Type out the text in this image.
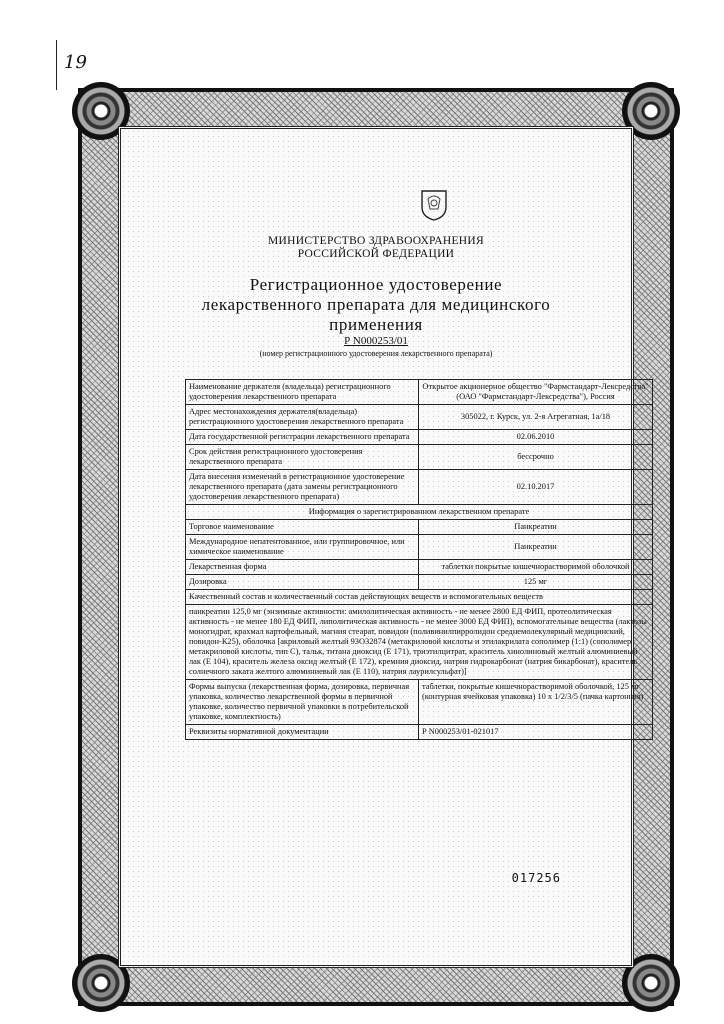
19
МИНИСТЕРСТВО ЗДРАВООХРАНЕНИЯ
РОССИЙСКОЙ ФЕДЕРАЦИИ
Регистрационное удостоверение
лекарственного препарата для медицинского применения
Р N000253/01
(номер регистрационного удостоверения лекарственного препарата)
Наименование держателя (владельца) регистрационного удостоверения лекарственного препарата	Открытое акционерное общество "Фармстандарт-Лексредства" (ОАО "Фармстандарт-Лексредства"), Россия
Адрес местонахождения держателя(владельца) регистрационного удостоверения лекарственного препарата	305022, г. Курск, ул. 2-я Агрегатная, 1а/18
Дата государственной регистрации лекарственного препарата	02.06.2010
Срок действия регистрационного удостоверения лекарственного препарата	бессрочно
Дата внесения изменений в регистрационное удостоверение лекарственного препарата (дата замены регистрационного удостоверения лекарственного препарата)	02.10.2017
Информация о зарегистрированном лекарственном препарате	
Торговое наименование	Панкреатин
Международное непатентованное, или группировочное, или химическое наименование	Панкреатин
Лекарственная форма	таблетки покрытые кишечнорастворимой оболочкой
Дозировка	125 мг
Качественный состав и количественный состав действующих веществ и вспомогательных веществ	
панкреатин 125,0 мг (энзимные активности: амилолитическая активность - не менее 2800 ЕД ФИП, протеолитическая активность - не менее 180 ЕД ФИП, липолитическая активность - не менее 3000 ЕД ФИП), вспомогательные вещества (лактозы моногидрат, крахмал картофельный, магния стеарат, повидон (поливинилпирролидон среднемолекулярный медицинский, повидон-К25), оболочка [акриловый желтый 93О32874 (метакриловой кислоты и этилакрилата сополимер (1:1) (сополимер метакриловой кислоты, тип С), тальк, титана диоксид (Е 171), триэтилцитрат, краситель хинолиновый желтый алюминиевый лак (Е 104), краситель железа оксид желтый (Е 172), кремния диоксид, натрия гидрокарбонат (натрия бикарбонат), краситель солнечного заката желтого алюминиевый лак (Е 110), натрия лаурилсульфат)]	
Формы выпуска (лекарственная форма, дозировка, первичная упаковка, количество лекарственной формы в первичной упаковке, количество первичной упаковки в потребительской упаковке, комплектность)	таблетки, покрытые кишечнорастворимой оболочкой, 125 мг (контурная ячейковая упаковка) 10 х 1/2/3/5 (пачка картонная)
Реквизиты нормативной документации	Р N000253/01-021017
017256
